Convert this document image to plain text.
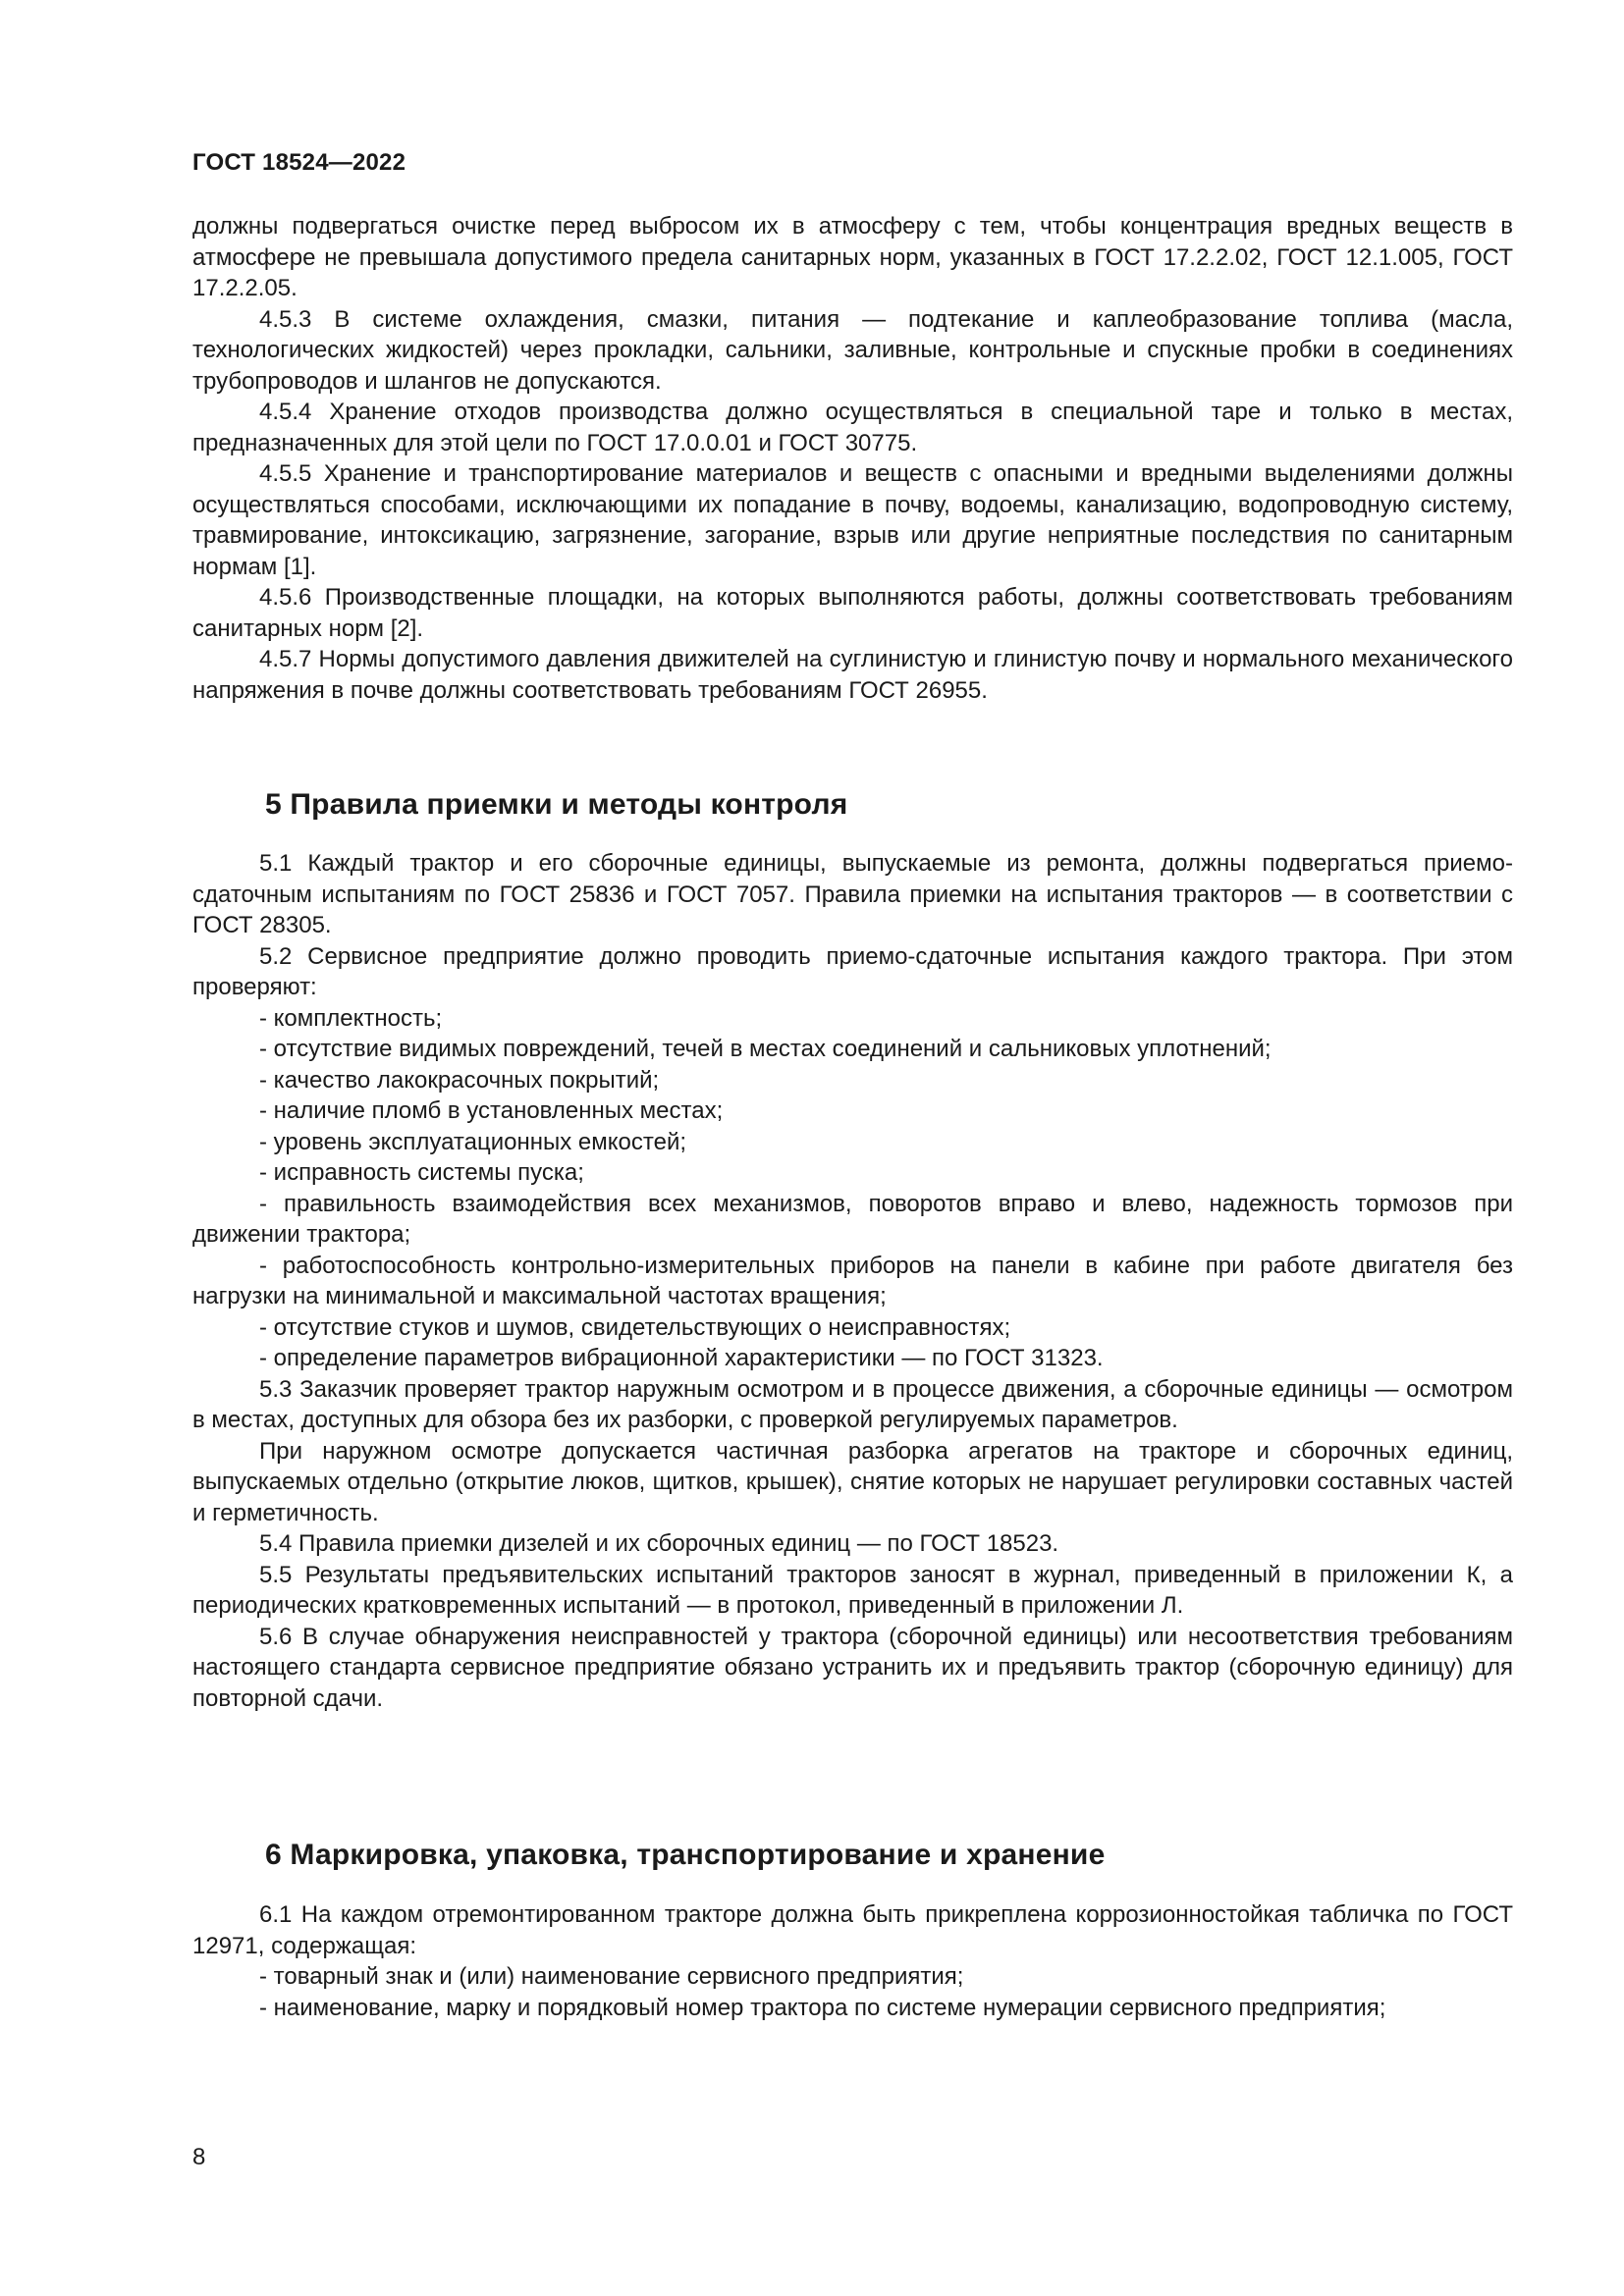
ГОСТ 18524—2022

должны подвергаться очистке перед выбросом их в атмосферу с тем, чтобы концентрация вредных веществ в атмосфере не превышала допустимого предела санитарных норм, указанных в ГОСТ 17.2.2.02, ГОСТ 12.1.005, ГОСТ 17.2.2.05.

4.5.3 В системе охлаждения, смазки, питания — подтекание и каплеобразование топлива (масла, технологических жидкостей) через прокладки, сальники, заливные, контрольные и спускные пробки в соединениях трубопроводов и шлангов не допускаются.

4.5.4 Хранение отходов производства должно осуществляться в специальной таре и только в местах, предназначенных для этой цели по ГОСТ 17.0.0.01 и ГОСТ 30775.

4.5.5 Хранение и транспортирование материалов и веществ с опасными и вредными выделениями должны осуществляться способами, исключающими их попадание в почву, водоемы, канализацию, водопроводную систему, травмирование, интоксикацию, загрязнение, загорание, взрыв или другие неприятные последствия по санитарным нормам [1].

4.5.6 Производственные площадки, на которых выполняются работы, должны соответствовать требованиям санитарных норм [2].

4.5.7 Нормы допустимого давления движителей на суглинистую и глинистую почву и нормального механического напряжения в почве должны соответствовать требованиям ГОСТ 26955.

5 Правила приемки и методы контроля

5.1 Каждый трактор и его сборочные единицы, выпускаемые из ремонта, должны подвергаться приемо-сдаточным испытаниям по ГОСТ 25836 и ГОСТ 7057. Правила приемки на испытания тракторов — в соответствии с ГОСТ 28305.

5.2 Сервисное предприятие должно проводить приемо-сдаточные испытания каждого трактора. При этом проверяют:

- комплектность;

- отсутствие видимых повреждений, течей в местах соединений и сальниковых уплотнений;

- качество лакокрасочных покрытий;

- наличие пломб в установленных местах;

- уровень эксплуатационных емкостей;

- исправность системы пуска;

- правильность взаимодействия всех механизмов, поворотов вправо и влево, надежность тормозов при движении трактора;

- работоспособность контрольно-измерительных приборов на панели в кабине при работе двигателя без нагрузки на минимальной и максимальной частотах вращения;

- отсутствие стуков и шумов, свидетельствующих о неисправностях;

- определение параметров вибрационной характеристики — по ГОСТ 31323.

5.3 Заказчик проверяет трактор наружным осмотром и в процессе движения, а сборочные единицы — осмотром в местах, доступных для обзора без их разборки, с проверкой регулируемых параметров.

При наружном осмотре допускается частичная разборка агрегатов на тракторе и сборочных единиц, выпускаемых отдельно (открытие люков, щитков, крышек), снятие которых не нарушает регулировки составных частей и герметичность.

5.4 Правила приемки дизелей и их сборочных единиц — по ГОСТ 18523.

5.5 Результаты предъявительских испытаний тракторов заносят в журнал, приведенный в приложении К, а периодических кратковременных испытаний — в протокол, приведенный в приложении Л.

5.6 В случае обнаружения неисправностей у трактора (сборочной единицы) или несоответствия требованиям настоящего стандарта сервисное предприятие обязано устранить их и предъявить трактор (сборочную единицу) для повторной сдачи.

6 Маркировка, упаковка, транспортирование и хранение

6.1 На каждом отремонтированном тракторе должна быть прикреплена коррозионностойкая табличка по ГОСТ 12971, содержащая:

- товарный знак и (или) наименование сервисного предприятия;

- наименование, марку и порядковый номер трактора по системе нумерации сервисного предприятия;

8
